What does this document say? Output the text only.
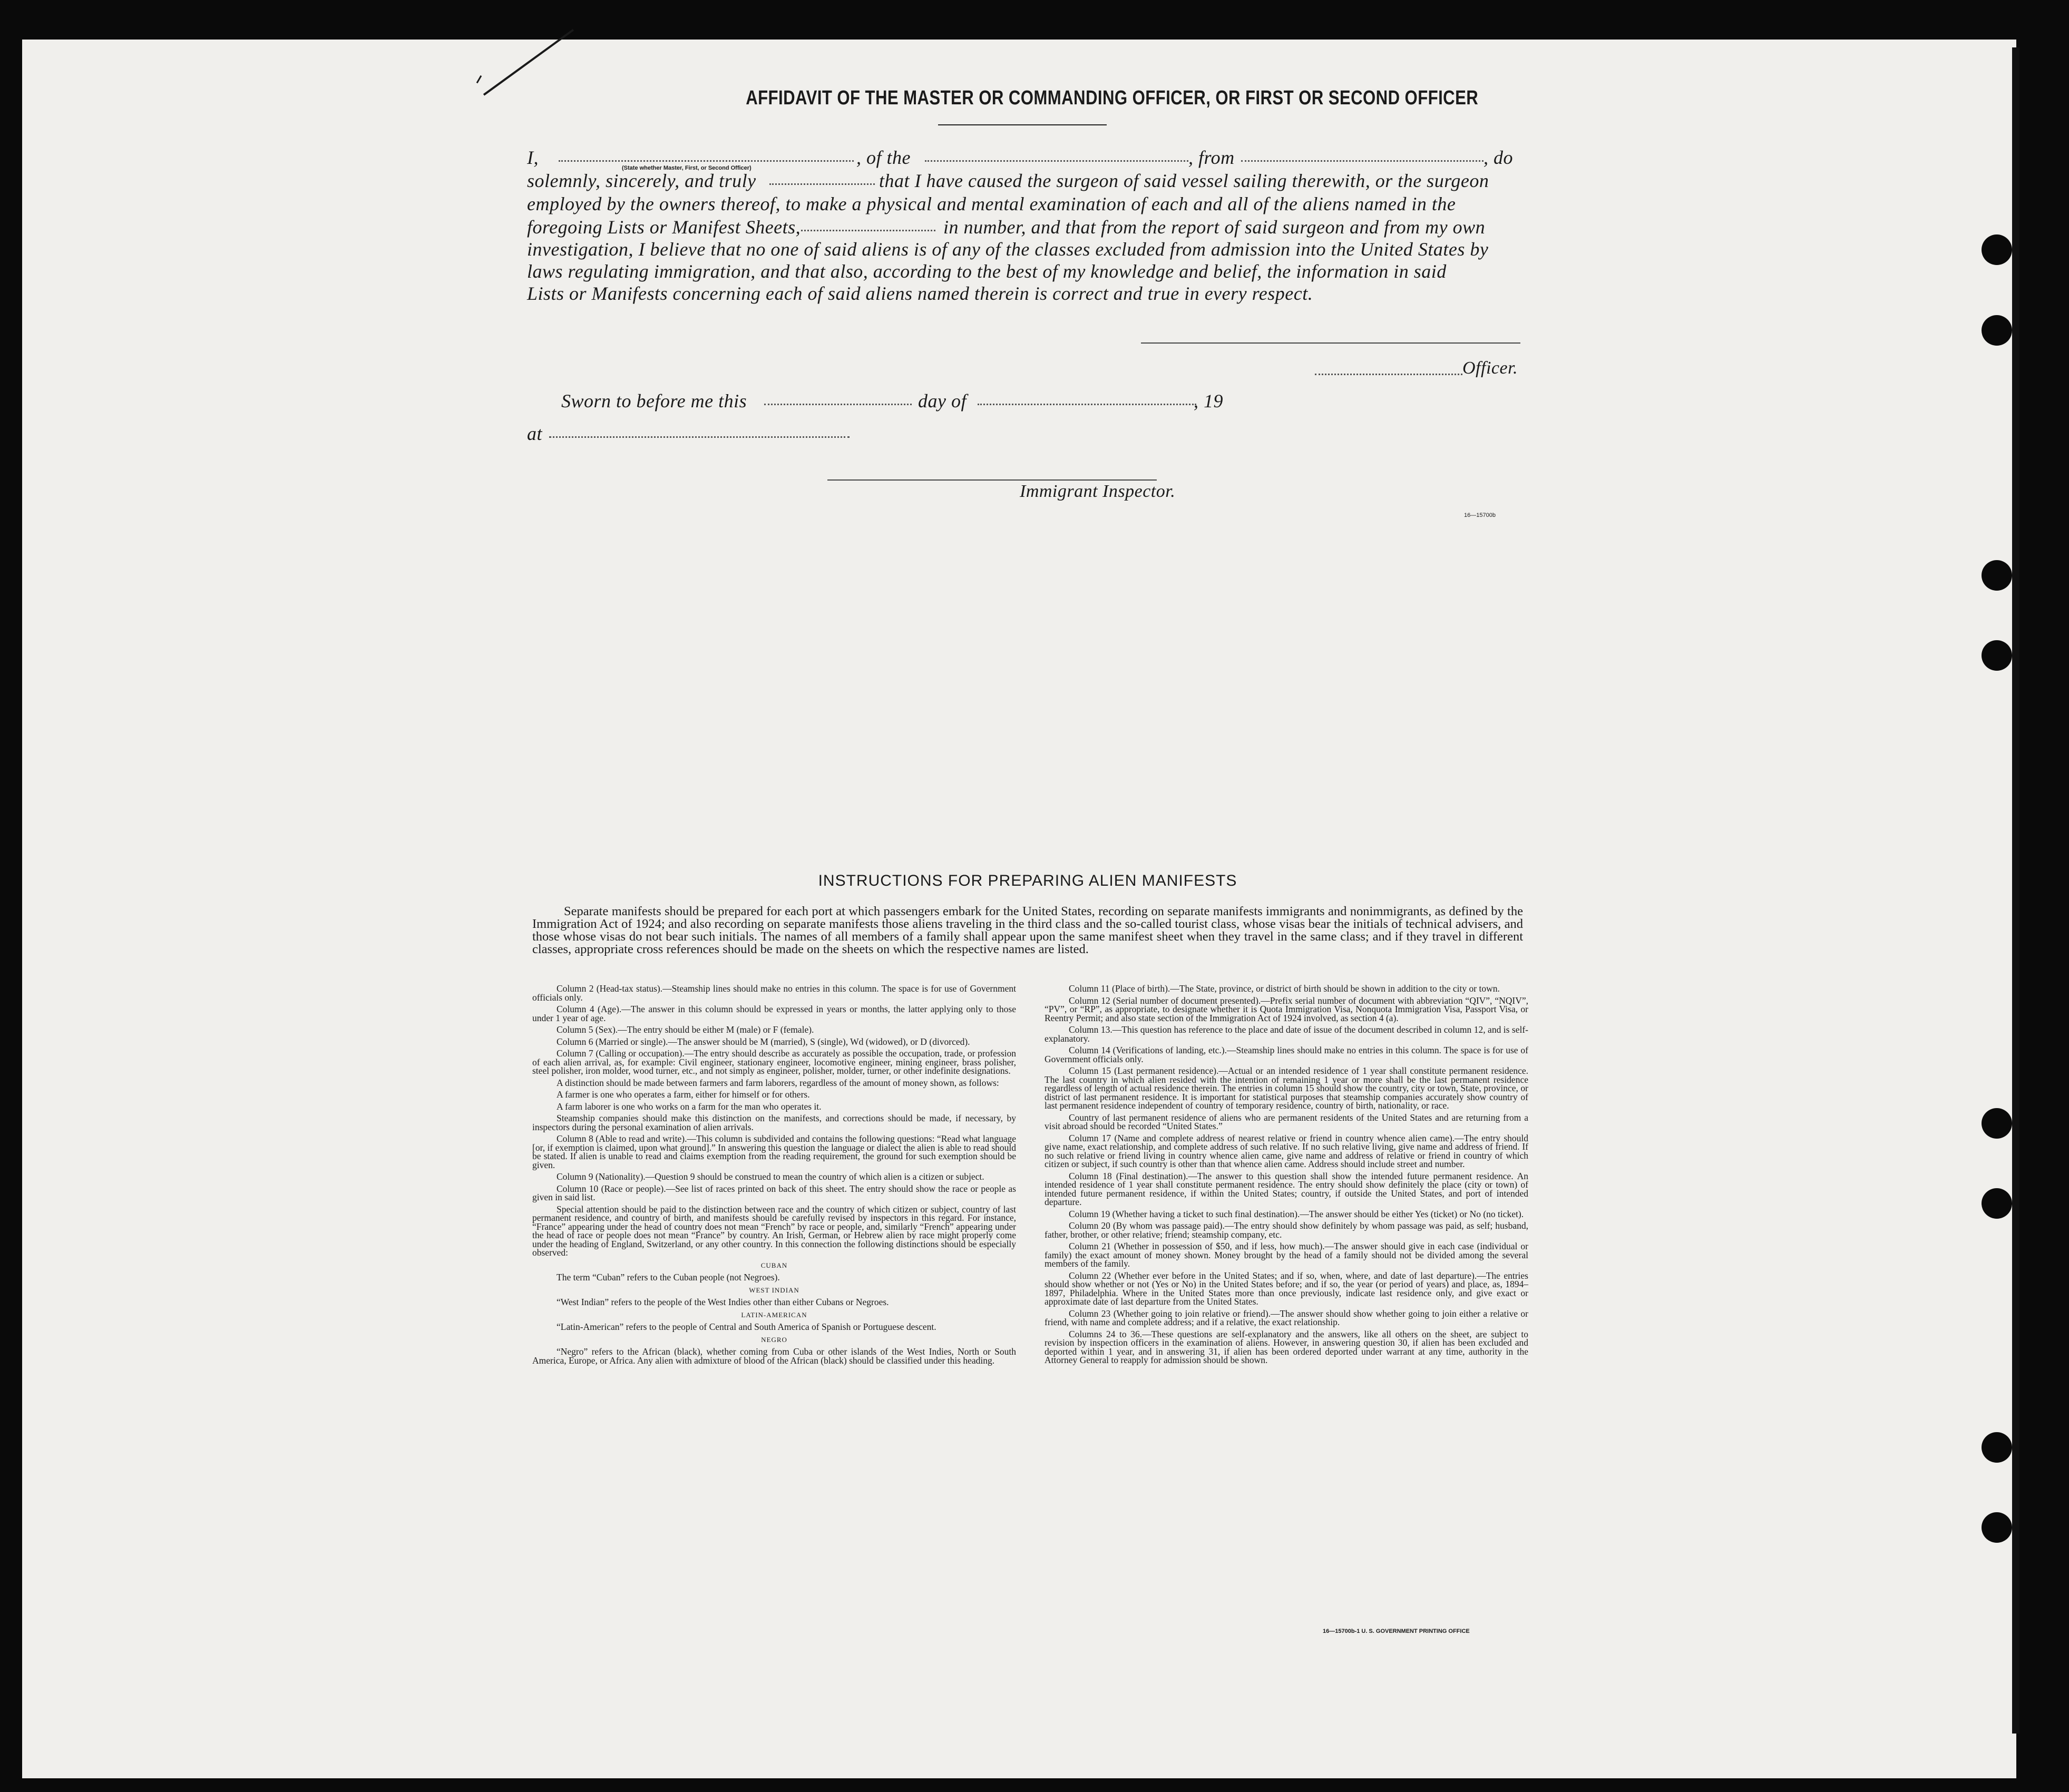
AFFIDAVIT OF THE MASTER OR COMMANDING OFFICER, OR FIRST OR SECOND OFFICER
I,	, of the	, from	, do
(State whether Master, First, or Second Officer)
solemnly, sincerely, and truly	that I have caused the surgeon of said vessel sailing therewith, or the surgeon
employed by the owners thereof, to make a physical and mental examination of each and all of the aliens named in the
foregoing Lists or Manifest Sheets,	in number, and that from the report of said surgeon and from my own
investigation, I believe that no one of said aliens is of any of the classes excluded from admission into the United States by
laws regulating immigration, and that also, according to the best of my knowledge and belief, the information in said
Lists or Manifests concerning each of said aliens named therein is correct and true in every respect.
Officer.
Sworn to before me this	day of	, 19
at
Immigrant Inspector.
16—15700b
INSTRUCTIONS FOR PREPARING ALIEN MANIFESTS
Separate manifests should be prepared for each port at which passengers embark for the United States, recording on separate manifests immigrants and nonimmigrants, as defined by the Immigration Act of 1924; and also recording on separate manifests those aliens traveling in the third class and the so-called tourist class, whose visas bear the initials of technical advisers, and those whose visas do not bear such initials. The names of all members of a family shall appear upon the same manifest sheet when they travel in the same class; and if they travel in different classes, appropriate cross references should be made on the sheets on which the respective names are listed.

Column 2 (Head-tax status).—Steamship lines should make no entries in this column. The space is for use of Government officials only.

Column 4 (Age).—The answer in this column should be expressed in years or months, the latter applying only to those under 1 year of age.

Column 5 (Sex).—The entry should be either M (male) or F (female).

Column 6 (Married or single).—The answer should be M (married), S (single), Wd (widowed), or D (divorced).

Column 7 (Calling or occupation).—The entry should describe as accurately as possible the occupation, trade, or profession of each alien arrival, as, for example: Civil engineer, stationary engineer, locomotive engineer, mining engineer, brass polisher, steel polisher, iron molder, wood turner, etc., and not simply as engineer, polisher, molder, turner, or other indefinite designations.

A distinction should be made between farmers and farm laborers, regardless of the amount of money shown, as follows:

A farmer is one who operates a farm, either for himself or for others.

A farm laborer is one who works on a farm for the man who operates it.

Steamship companies should make this distinction on the manifests, and corrections should be made, if necessary, by inspectors during the personal examination of alien arrivals.

Column 8 (Able to read and write).—This column is subdivided and contains the following questions: “Read what language [or, if exemption is claimed, upon what ground].” In answering this question the language or dialect the alien is able to read should be stated. If alien is unable to read and claims exemption from the reading requirement, the ground for such exemption should be given.

Column 9 (Nationality).—Question 9 should be construed to mean the country of which alien is a citizen or subject.

Column 10 (Race or people).—See list of races printed on back of this sheet. The entry should show the race or people as given in said list.

Special attention should be paid to the distinction between race and the country of which citizen or subject, country of last permanent residence, and country of birth, and manifests should be carefully revised by inspectors in this regard. For instance, “France” appearing under the head of country does not mean “French” by race or people, and, similarly “French” appearing under the head of race or people does not mean “France” by country. An Irish, German, or Hebrew alien by race might properly come under the heading of England, Switzerland, or any other country. In this connection the following distinctions should be especially observed:

CUBAN

The term “Cuban” refers to the Cuban people (not Negroes).

WEST INDIAN

“West Indian” refers to the people of the West Indies other than either Cubans or Negroes.

LATIN-AMERICAN

“Latin-American” refers to the people of Central and South America of Spanish or Portuguese descent.

NEGRO

“Negro” refers to the African (black), whether coming from Cuba or other islands of the West Indies, North or South America, Europe, or Africa. Any alien with admixture of blood of the African (black) should be classified under this heading.

Column 11 (Place of birth).—The State, province, or district of birth should be shown in addition to the city or town.

Column 12 (Serial number of document presented).—Prefix serial number of document with abbreviation “QIV”, “NQIV”, “PV”, or “RP”, as appropriate, to designate whether it is Quota Immigration Visa, Nonquota Immigration Visa, Passport Visa, or Reentry Permit; and also state section of the Immigration Act of 1924 involved, as section 4 (a).

Column 13.—This question has reference to the place and date of issue of the document described in column 12, and is self-explanatory.

Column 14 (Verifications of landing, etc.).—Steamship lines should make no entries in this column. The space is for use of Government officials only.

Column 15 (Last permanent residence).—Actual or an intended residence of 1 year shall constitute permanent residence. The last country in which alien resided with the intention of remaining 1 year or more shall be the last permanent residence regardless of length of actual residence therein. The entries in column 15 should show the country, city or town, State, province, or district of last permanent residence. It is important for statistical purposes that steamship companies accurately show country of last permanent residence independent of country of temporary residence, country of birth, nationality, or race.

Country of last permanent residence of aliens who are permanent residents of the United States and are returning from a visit abroad should be recorded “United States.”

Column 17 (Name and complete address of nearest relative or friend in country whence alien came).—The entry should give name, exact relationship, and complete address of such relative. If no such relative living, give name and address of friend. If no such relative or friend living in country whence alien came, give name and address of relative or friend in country of which citizen or subject, if such country is other than that whence alien came. Address should include street and number.

Column 18 (Final destination).—The answer to this question shall show the intended future permanent residence. An intended residence of 1 year shall constitute permanent residence. The entry should show definitely the place (city or town) of intended future permanent residence, if within the United States; country, if outside the United States, and port of intended departure.

Column 19 (Whether having a ticket to such final destination).—The answer should be either Yes (ticket) or No (no ticket).

Column 20 (By whom was passage paid).—The entry should show definitely by whom passage was paid, as self; husband, father, brother, or other relative; friend; steamship company, etc.

Column 21 (Whether in possession of $50, and if less, how much).—The answer should give in each case (individual or family) the exact amount of money shown. Money brought by the head of a family should not be divided among the several members of the family.

Column 22 (Whether ever before in the United States; and if so, when, where, and date of last departure).—The entries should show whether or not (Yes or No) in the United States before; and if so, the year (or period of years) and place, as, 1894–1897, Philadelphia. Where in the United States more than once previously, indicate last residence only, and give exact or approximate date of last departure from the United States.

Column 23 (Whether going to join relative or friend).—The answer should show whether going to join either a relative or friend, with name and complete address; and if a relative, the exact relationship.

Columns 24 to 36.—These questions are self-explanatory and the answers, like all others on the sheet, are subject to revision by inspection officers in the examination of aliens. However, in answering question 30, if alien has been excluded and deported within 1 year, and in answering 31, if alien has been ordered deported under warrant at any time, authority in the Attorney General to reapply for admission should be shown.

16—15700b-1 U. S. GOVERNMENT PRINTING OFFICE
